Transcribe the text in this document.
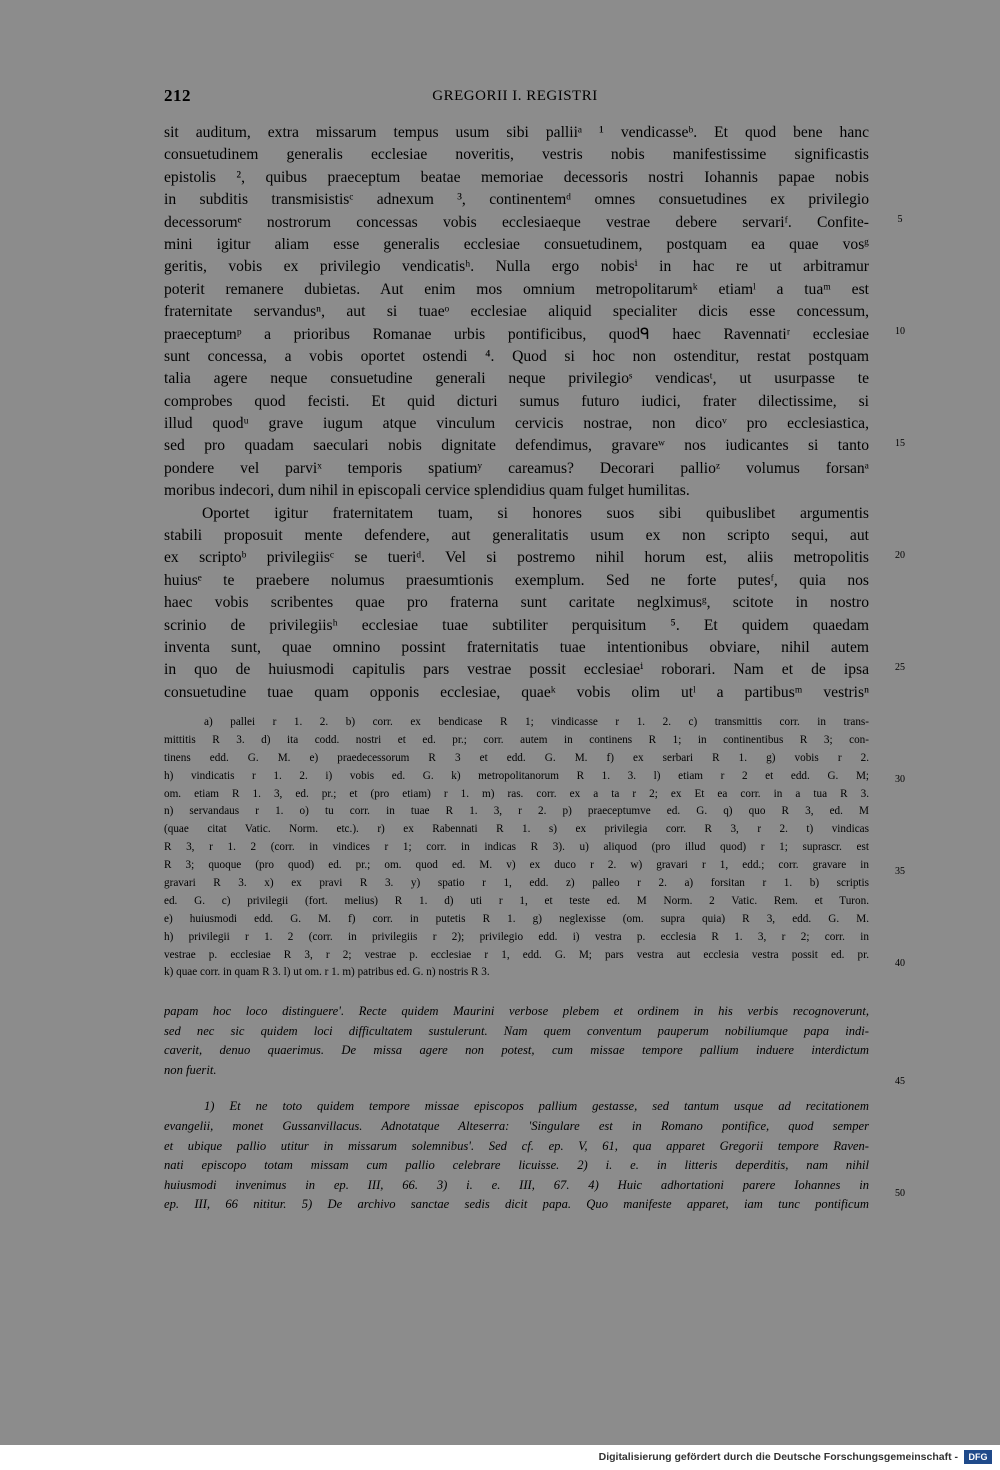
212	GREGORII I. REGISTRI
sit auditum, extra missarum tempus usum sibi palliiᵃ ¹ vendicasseᵇ. Et quod bene hanc
consuetudinem generalis ecclesiae noveritis, vestris nobis manifestissime significastis
epistolis ², quibus praeceptum beatae memoriae decessoris nostri Iohannis papae nobis
in subditis transmisistisᶜ adnexum ³, continentemᵈ omnes consuetudines ex privilegio
decessorumᵉ nostrorum concessas vobis ecclesiaeque vestrae debere servariᶠ. Confite-
mini igitur aliam esse generalis ecclesiae consuetudinem, postquam ea quae vosᵍ
geritis, vobis ex privilegio vendicatisʰ. Nulla ergo nobisⁱ in hac re ut arbitramur
poterit remanere dubietas. Aut enim mos omnium metropolitarumᵏ etiamˡ a tuaᵐ est
fraternitate servandusⁿ, aut si tuaeᵒ ecclesiae aliquid specialiter dicis esse concessum,
praeceptumᵖ a prioribus Romanae urbis pontificibus, quodᑫ haec Ravennatiʳ ecclesiae
sunt concessa, a vobis oportet ostendi ⁴. Quod si hoc non ostenditur, restat postquam
talia agere neque consuetudine generali neque privilegioˢ vendicasᵗ, ut usurpasse te
comprobes quod fecisti. Et quid dicturi sumus futuro iudici, frater dilectissime, si
illud quodᵘ grave iugum atque vinculum cervicis nostrae, non dicoᵛ pro ecclesiastica,
sed pro quadam saeculari nobis dignitate defendimus, gravareʷ nos iudicantes si tanto
pondere vel parviˣ temporis spatiumʸ careamus? Decorari pallioᶻ volumus forsanᵃ
moribus indecori, dum nihil in episcopali cervice splendidius quam fulget humilitas.
Oportet igitur fraternitatem tuam, si honores suos sibi quibuslibet argumentis
stabili proposuit mente defendere, aut generalitatis usum ex non scripto sequi, aut
ex scriptoᵇ privilegiisᶜ se tueriᵈ. Vel si postremo nihil horum est, aliis metropolitis
huiusᵉ te praebere nolumus praesumtionis exemplum. Sed ne forte putesᶠ, quia nos
haec vobis scribentes quae pro fraterna sunt caritate neglximusᵍ, scitote in nostro
scrinio de privilegiisʰ ecclesiae tuae subtiliter perquisitum ⁵. Et quidem quaedam
inventa sunt, quae omnino possint fraternitatis tuae intentionibus obviare, nihil autem
in quo de huiusmodi capitulis pars vestrae possit ecclesiaeⁱ roborari. Nam et de ipsa
consuetudine tuae quam opponis ecclesiae, quaeᵏ vobis olim utˡ a partibusᵐ vestrisⁿ
5
10
15
20
25
30
35
40
45
50
a) pallei r 1. 2. b) corr. ex bendicase R 1; vindicasse r 1. 2. c) transmittis corr. in trans-
mittitis R 3. d) ita codd. nostri et ed. pr.; corr. autem in continens R 1; in continentibus R 3; con-
tinens edd. G. M. e) praedecessorum R 3 et edd. G. M. f) ex serbari R 1. g) vobis r 2.
h) vindicatis r 1. 2. i) vobis ed. G. k) metropolitanorum R 1. 3. l) etiam r 2 et edd. G. M;
om. etiam R 1. 3, ed. pr.; et (pro etiam) r 1. m) ras. corr. ex a ta r 2; ex Et ea corr. in a tua R 3.
n) servandaus r 1. o) tu corr. in tuae R 1. 3, r 2. p) praeceptumve ed. G. q) quo R 3, ed. M
(quae citat Vatic. Norm. etc.). r) ex Rabennati R 1. s) ex privilegia corr. R 3, r 2. t) vindicas
R 3, r 1. 2 (corr. in vindices r 1; corr. in indicas R 3). u) aliquod (pro illud quod) r 1; suprascr. est
R 3; quoque (pro quod) ed. pr.; om. quod ed. M. v) ex duco r 2. w) gravari r 1, edd.; corr. gravare in
gravari R 3. x) ex pravi R 3. y) spatio r 1, edd. z) palleo r 2. a) forsitan r 1. b) scriptis
ed. G. c) privilegii (fort. melius) R 1. d) uti r 1, et teste ed. M Norm. 2 Vatic. Rem. et Turon.
e) huiusmodi edd. G. M. f) corr. in putetis R 1. g) neglexisse (om. supra quia) R 3, edd. G. M.
h) privilegii r 1. 2 (corr. in privilegiis r 2); privilegio edd. i) vestra p. ecclesia R 1. 3, r 2; corr. in
vestrae p. ecclesiae R 3, r 2; vestrae p. ecclesiae r 1, edd. G. M; pars vestra aut ecclesia vestra possit ed. pr.
k) quae corr. in quam R 3. l) ut om. r 1. m) patribus ed. G. n) nostris R 3.
papam hoc loco distinguere'. Recte quidem Maurini verbose plebem et ordinem in his verbis recognoverunt,
sed nec sic quidem loci difficultatem sustulerunt. Nam quem conventum pauperum nobiliumque papa indi-
caverit, denuo quaerimus. De missa agere non potest, cum missae tempore pallium induere interdictum
non fuerit.
1) Et ne toto quidem tempore missae episcopos pallium gestasse, sed tantum usque ad recitationem
evangelii, monet Gussanvillacus. Adnotatque Alteserra: 'Singulare est in Romano pontifice, quod semper
et ubique pallio utitur in missarum solemnibus'. Sed cf. ep. V, 61, qua apparet Gregorii tempore Raven-
nati episcopo totam missam cum pallio celebrare licuisse. 2) i. e. in litteris deperditis, nam nihil
huiusmodi invenimus in ep. III, 66. 3) i. e. III, 67. 4) Huic adhortationi parere Iohannes in
ep. III, 66 nititur. 5) De archivo sanctae sedis dicit papa. Quo manifeste apparet, iam tunc pontificum
Digitalisierung gefördert durch die Deutsche Forschungsgemeinschaft -	DFG
